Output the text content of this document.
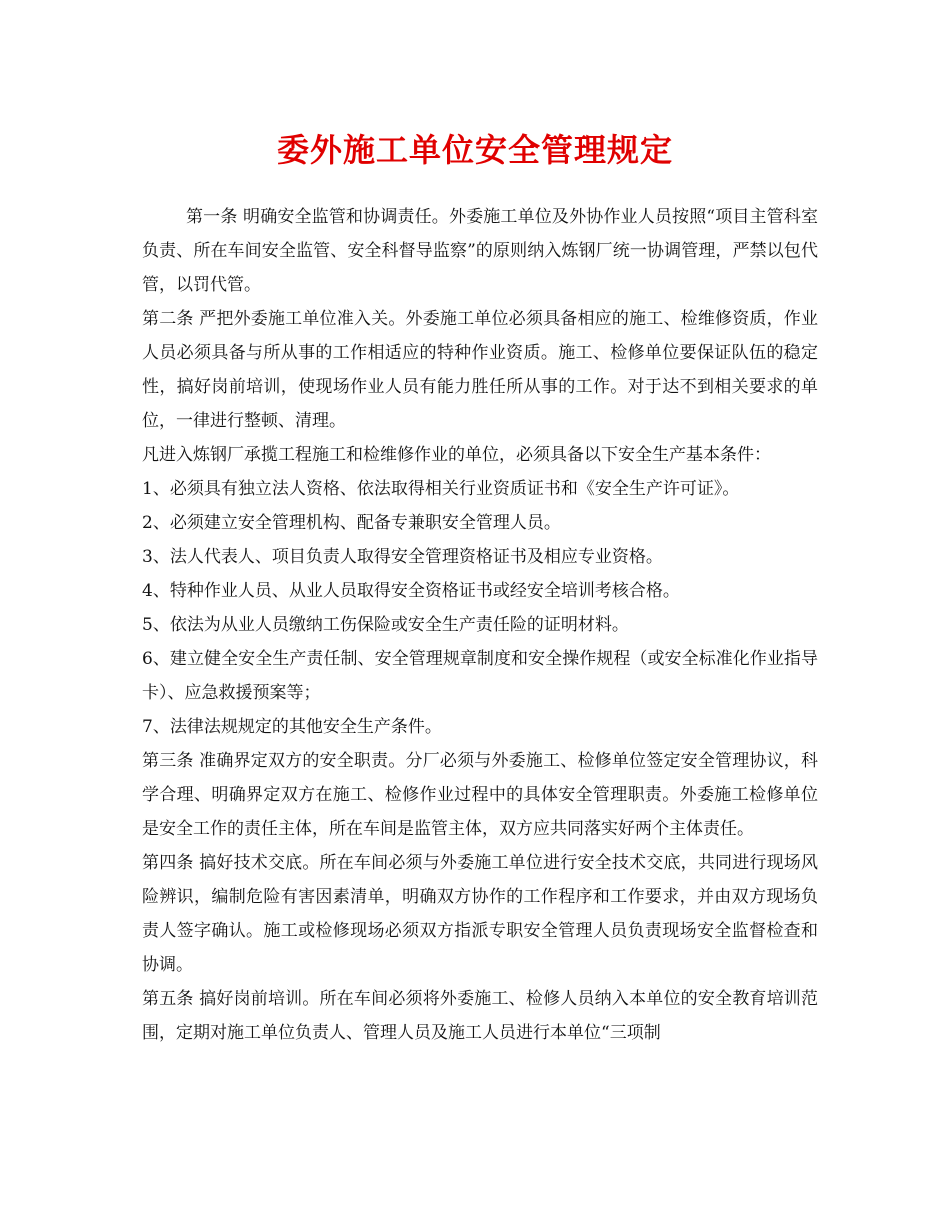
委外施工单位安全管理规定

第一条 明确安全监管和协调责任。外委施工单位及外协作业人员按照“项目主管科室负责、所在车间安全监管、安全科督导监察”的原则纳入炼钢厂统一协调管理，严禁以包代管，以罚代管。

第二条 严把外委施工单位准入关。外委施工单位必须具备相应的施工、检维修资质，作业人员必须具备与所从事的工作相适应的特种作业资质。施工、检修单位要保证队伍的稳定性，搞好岗前培训，使现场作业人员有能力胜任所从事的工作。对于达不到相关要求的单位，一律进行整顿、清理。

凡进入炼钢厂承揽工程施工和检维修作业的单位，必须具备以下安全生产基本条件：

1、必须具有独立法人资格、依法取得相关行业资质证书和《安全生产许可证》。

2、必须建立安全管理机构、配备专兼职安全管理人员。

3、法人代表人、项目负责人取得安全管理资格证书及相应专业资格。

4、特种作业人员、从业人员取得安全资格证书或经安全培训考核合格。

5、依法为从业人员缴纳工伤保险或安全生产责任险的证明材料。

6、建立健全安全生产责任制、安全管理规章制度和安全操作规程（或安全标准化作业指导卡）、应急救援预案等；

7、法律法规规定的其他安全生产条件。

第三条 准确界定双方的安全职责。分厂必须与外委施工、检修单位签定安全管理协议，科学合理、明确界定双方在施工、检修作业过程中的具体安全管理职责。外委施工检修单位是安全工作的责任主体，所在车间是监管主体，双方应共同落实好两个主体责任。

第四条 搞好技术交底。所在车间必须与外委施工单位进行安全技术交底，共同进行现场风险辨识，编制危险有害因素清单，明确双方协作的工作程序和工作要求，并由双方现场负责人签字确认。施工或检修现场必须双方指派专职安全管理人员负责现场安全监督检查和协调。

第五条 搞好岗前培训。所在车间必须将外委施工、检修人员纳入本单位的安全教育培训范围，定期对施工单位负责人、管理人员及施工人员进行本单位“三项制
